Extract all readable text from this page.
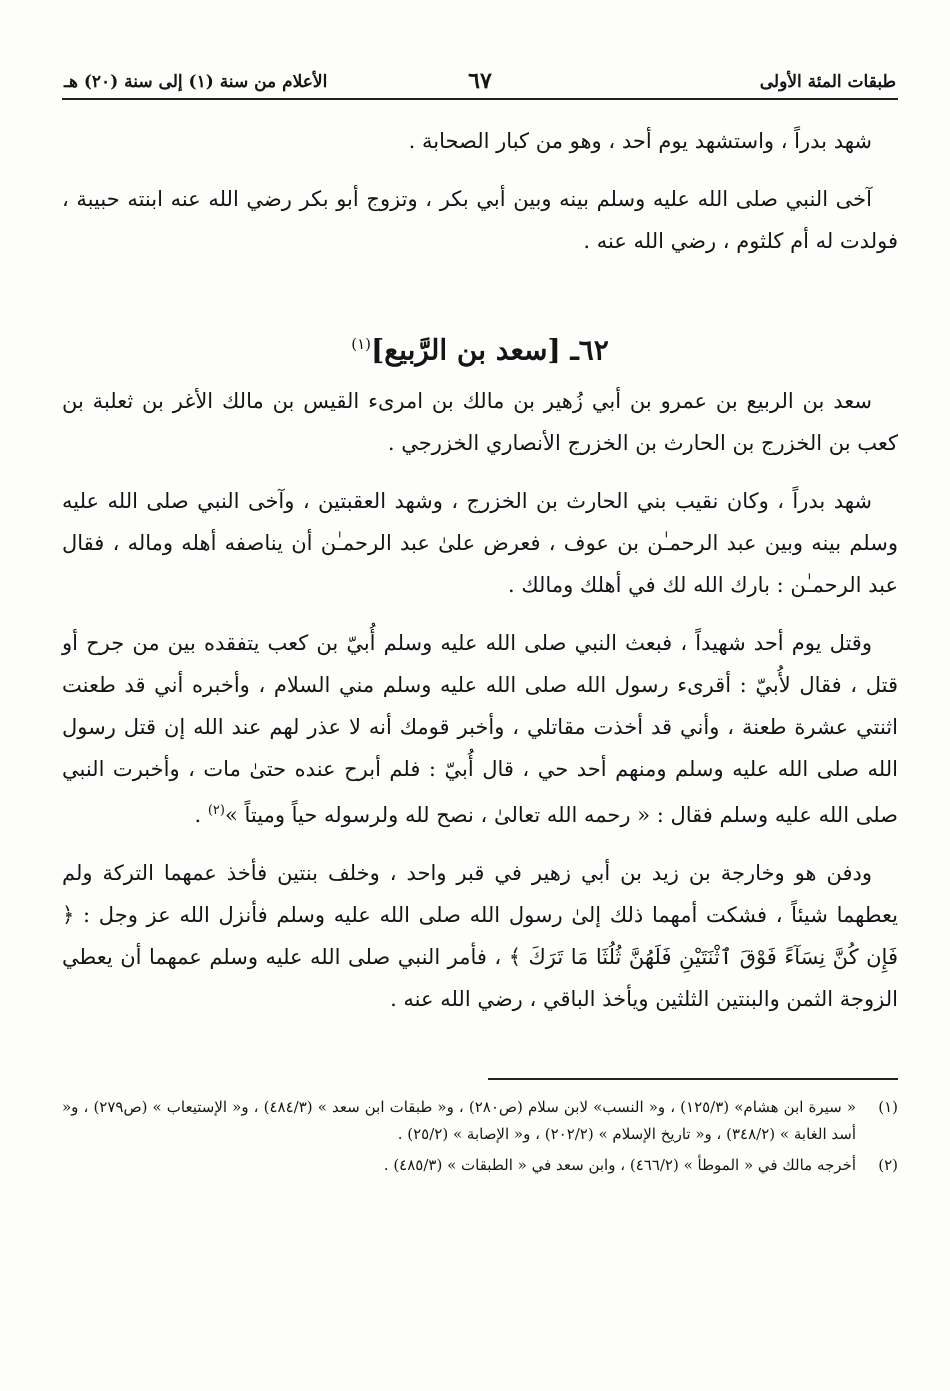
طبقات المئة الأولى
٦٧
الأعلام من سنة (١) إلى سنة (٢٠) هـ

شهد بدراً ، واستشهد يوم أحد ، وهو من كبار الصحابة .

آخى النبي صلى الله عليه وسلم بينه وبين أبي بكر ، وتزوج أبو بكر رضي الله عنه ابنته حبيبة ، فولدت له أم كلثوم ، رضي الله عنه .

٦٢ـ [سعد بن الرَّبيع]$^{(١)}$

سعد بن الربيع بن عمرو بن أبي زُهير بن مالك بن امرىء القيس بن مالك الأغر بن ثعلبة بن كعب بن الخزرج بن الحارث بن الخزرج الأنصاري الخزرجي .

شهد بدراً ، وكان نقيب بني الحارث بن الخزرج ، وشهد العقبتين ، وآخى النبي صلى الله عليه وسلم بينه وبين عبد الرحمـٰن بن عوف ، فعرض علىٰ عبد الرحمـٰن أن يناصفه أهله وماله ، فقال عبد الرحمـٰن : بارك الله لك في أهلك ومالك .

وقتل يوم أحد شهيداً ، فبعث النبي صلى الله عليه وسلم أُبيّ بن كعب يتفقده بين من جرح أو قتل ، فقال لأُبيّ : أقرىء رسول الله صلى الله عليه وسلم مني السلام ، وأخبره أني قد طعنت اثنتي عشرة طعنة ، وأني قد أخذت مقاتلي ، وأخبر قومك أنه لا عذر لهم عند الله إن قتل رسول الله صلى الله عليه وسلم ومنهم أحد حي ، قال أُبيّ : فلم أبرح عنده حتىٰ مات ، وأخبرت النبي صلى الله عليه وسلم فقال : « رحمه الله تعالىٰ ، نصح لله ولرسوله حياً وميتاً »$^{(٢)}$ .

ودفن هو وخارجة بن زيد بن أبي زهير في قبر واحد ، وخلف بنتين فأخذ عمهما التركة ولم يعطهما شيئاً ، فشكت أمهما ذلك إلىٰ رسول الله صلى الله عليه وسلم فأنزل الله عز وجل : ﴿ فَإِن كُنَّ نِسَآءً فَوْقَ ٱثْنَتَيْنِ فَلَهُنَّ ثُلُثَا مَا تَرَكَ ﴾ ، فأمر النبي صلى الله عليه وسلم عمهما أن يعطي الزوجة الثمن والبنتين الثلثين ويأخذ الباقي ، رضي الله عنه .

(١)
« سيرة ابن هشام» (١٢٥/٣) ، و« النسب» لابن سلام (ص٢٨٠) ، و« طبقات ابن سعد » (٤٨٤/٣) ، و« الإستيعاب » (ص٢٧٩) ، و« أسد الغابة » (٣٤٨/٢) ، و« تاريخ الإسلام » (٢٠٢/٢) ، و« الإصابة » (٢٥/٢) .
(٢)
أخرجه مالك في « الموطأ » (٤٦٦/٢) ، وابن سعد في « الطبقات » (٤٨٥/٣) .
